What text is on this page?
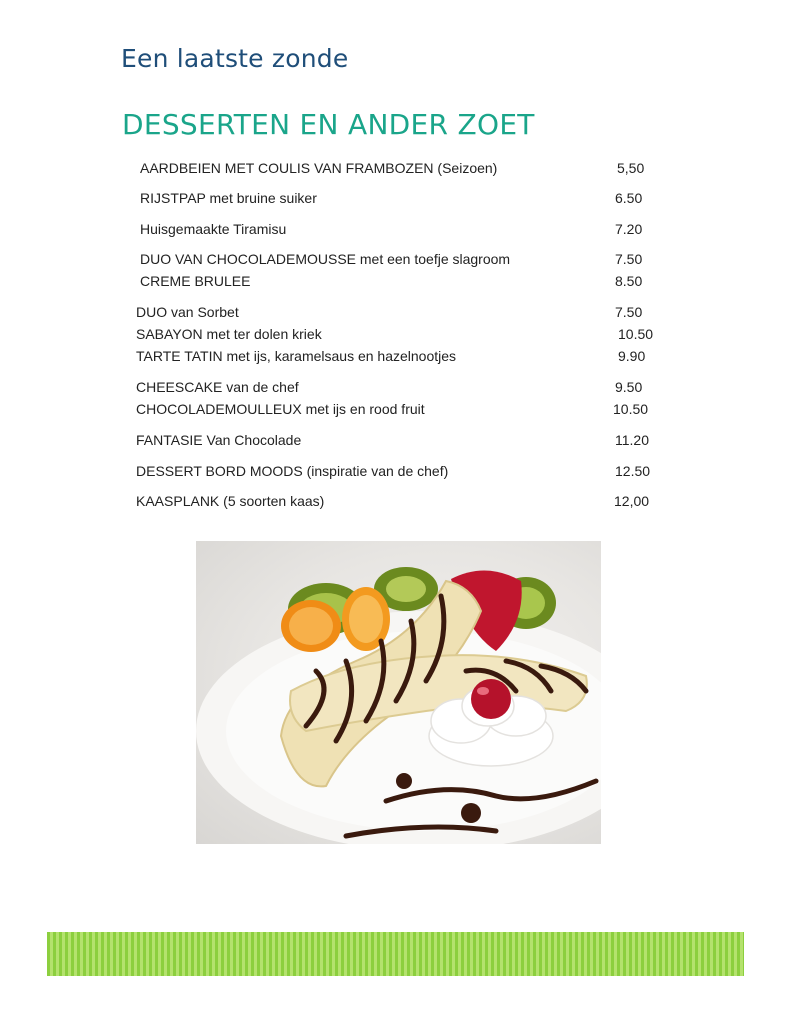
Een laatste zonde
DESSERTEN EN ANDER ZOET
AARDBEIEN MET COULIS VAN FRAMBOZEN (Seizoen)	5,50
RIJSTPAP met bruine suiker	6.50
Huisgemaakte Tiramisu	7.20
DUO VAN CHOCOLADEMOUSSE met een toefje slagroom	7.50
CREME BRULEE	8.50
DUO van Sorbet	7.50
SABAYON met ter dolen kriek	10.50
TARTE TATIN met ijs, karamelsaus en hazelnootjes	9.90
CHEESCAKE van de chef	9.50
CHOCOLADEMOULLEUX met ijs en rood fruit	10.50
FANTASIE Van Chocolade	11.20
DESSERT BORD MOODS (inspiratie van de chef)	12.50
KAASPLANK (5 soorten kaas)	12,00
